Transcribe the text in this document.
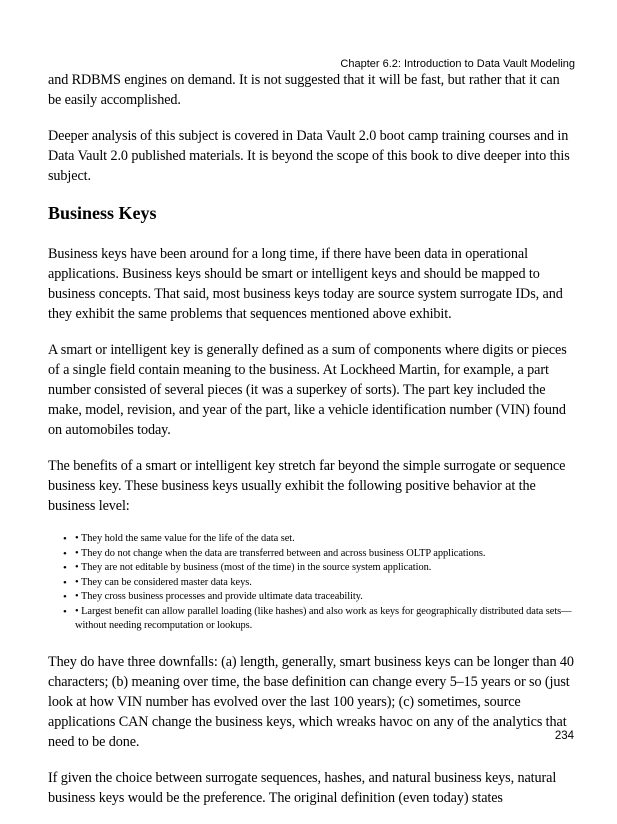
Chapter 6.2: Introduction to Data Vault Modeling

and RDBMS engines on demand. It is not suggested that it will be fast, but rather that it can be easily accomplished.

Deeper analysis of this subject is covered in Data Vault 2.0 boot camp training courses and in Data Vault 2.0 published materials. It is beyond the scope of this book to dive deeper into this subject.

Business Keys

Business keys have been around for a long time, if there have been data in operational applications. Business keys should be smart or intelligent keys and should be mapped to business concepts. That said, most business keys today are source system surrogate IDs, and they exhibit the same problems that sequences mentioned above exhibit.

A smart or intelligent key is generally defined as a sum of components where digits or pieces of a single field contain meaning to the business. At Lockheed Martin, for example, a part number consisted of several pieces (it was a superkey of sorts). The part key included the make, model, revision, and year of the part, like a vehicle identification number (VIN) found on automobiles today.

The benefits of a smart or intelligent key stretch far beyond the simple surrogate or sequence business key. These business keys usually exhibit the following positive behavior at the business level:

• • They hold the same value for the life of the data set.
• • They do not change when the data are transferred between and across business OLTP applications.
• • They are not editable by business (most of the time) in the source system application.
• • They can be considered master data keys.
• • They cross business processes and provide ultimate data traceability.
• • Largest benefit can allow parallel loading (like hashes) and also work as keys for geographically distributed data sets—without needing recomputation or lookups.

They do have three downfalls: (a) length, generally, smart business keys can be longer than 40 characters; (b) meaning over time, the base definition can change every 5–15 years or so (just look at how VIN number has evolved over the last 100 years); (c) sometimes, source applications CAN change the business keys, which wreaks havoc on any of the analytics that need to be done.

If given the choice between surrogate sequences, hashes, and natural business keys, natural business keys would be the preference. The original definition (even today) states

234
